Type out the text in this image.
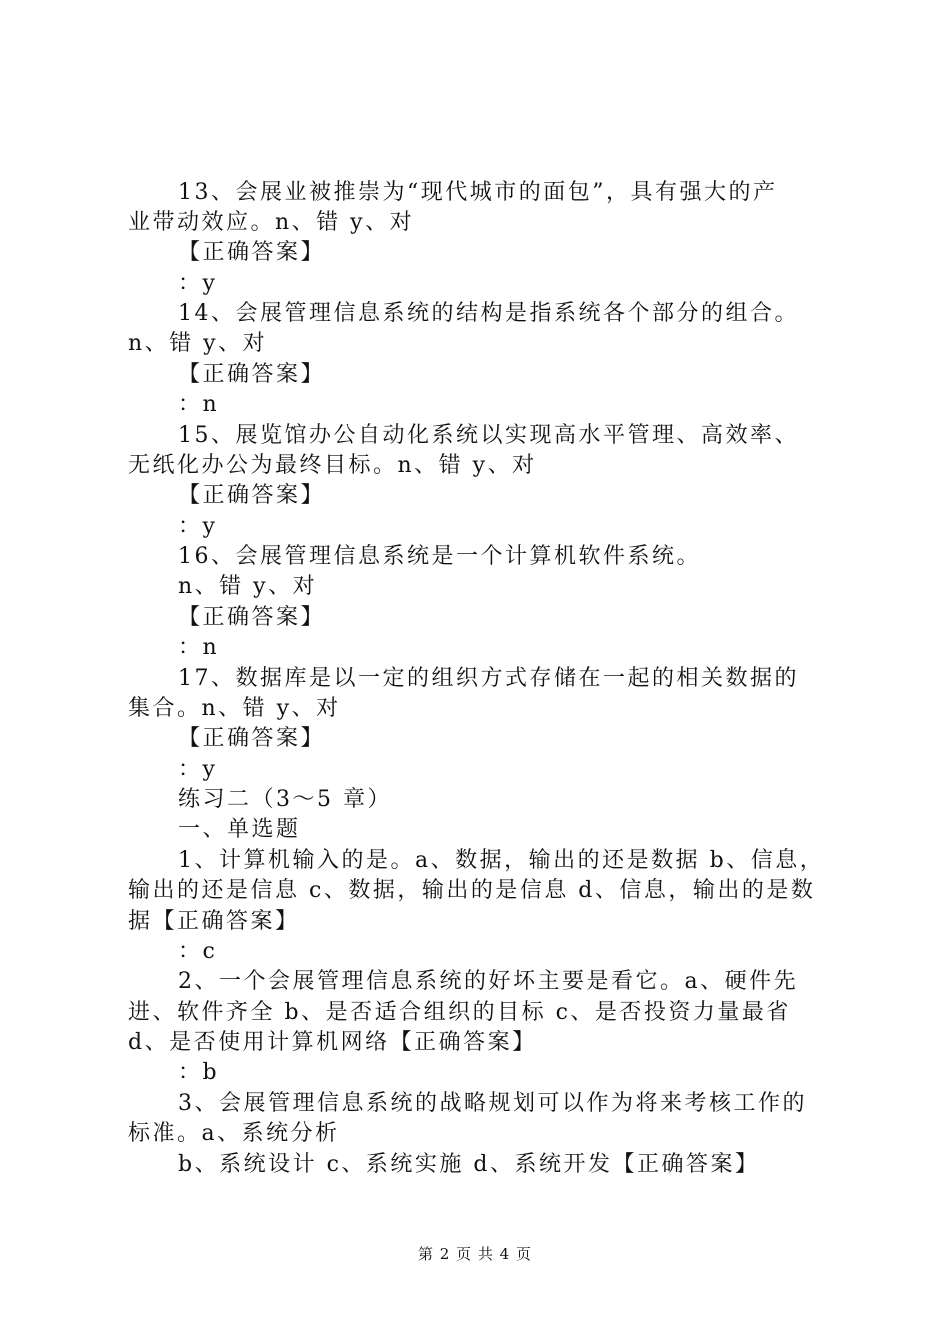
13、会展业被推崇为“现代城市的面包”，具有强大的产
业带动效应。n、错 y、对
【正确答案】
：y
14、会展管理信息系统的结构是指系统各个部分的组合。
n、错 y、对
【正确答案】
：n
15、展览馆办公自动化系统以实现高水平管理、高效率、
无纸化办公为最终目标。n、错 y、对
【正确答案】
：y
16、会展管理信息系统是一个计算机软件系统。
n、错 y、对
【正确答案】
：n
17、数据库是以一定的组织方式存储在一起的相关数据的
集合。n、错 y、对
【正确答案】
：y
练习二（3～5 章）
一、单选题
1、计算机输入的是。a、数据，输出的还是数据 b、信息，
输出的还是信息 c、数据，输出的是信息 d、信息，输出的是数
据【正确答案】
：c
2、一个会展管理信息系统的好坏主要是看它。a、硬件先
进、软件齐全 b、是否适合组织的目标 c、是否投资力量最省
d、是否使用计算机网络【正确答案】
：b
3、会展管理信息系统的战略规划可以作为将来考核工作的
标准。a、系统分析
b、系统设计 c、系统实施 d、系统开发【正确答案】
第 2 页 共 4 页
